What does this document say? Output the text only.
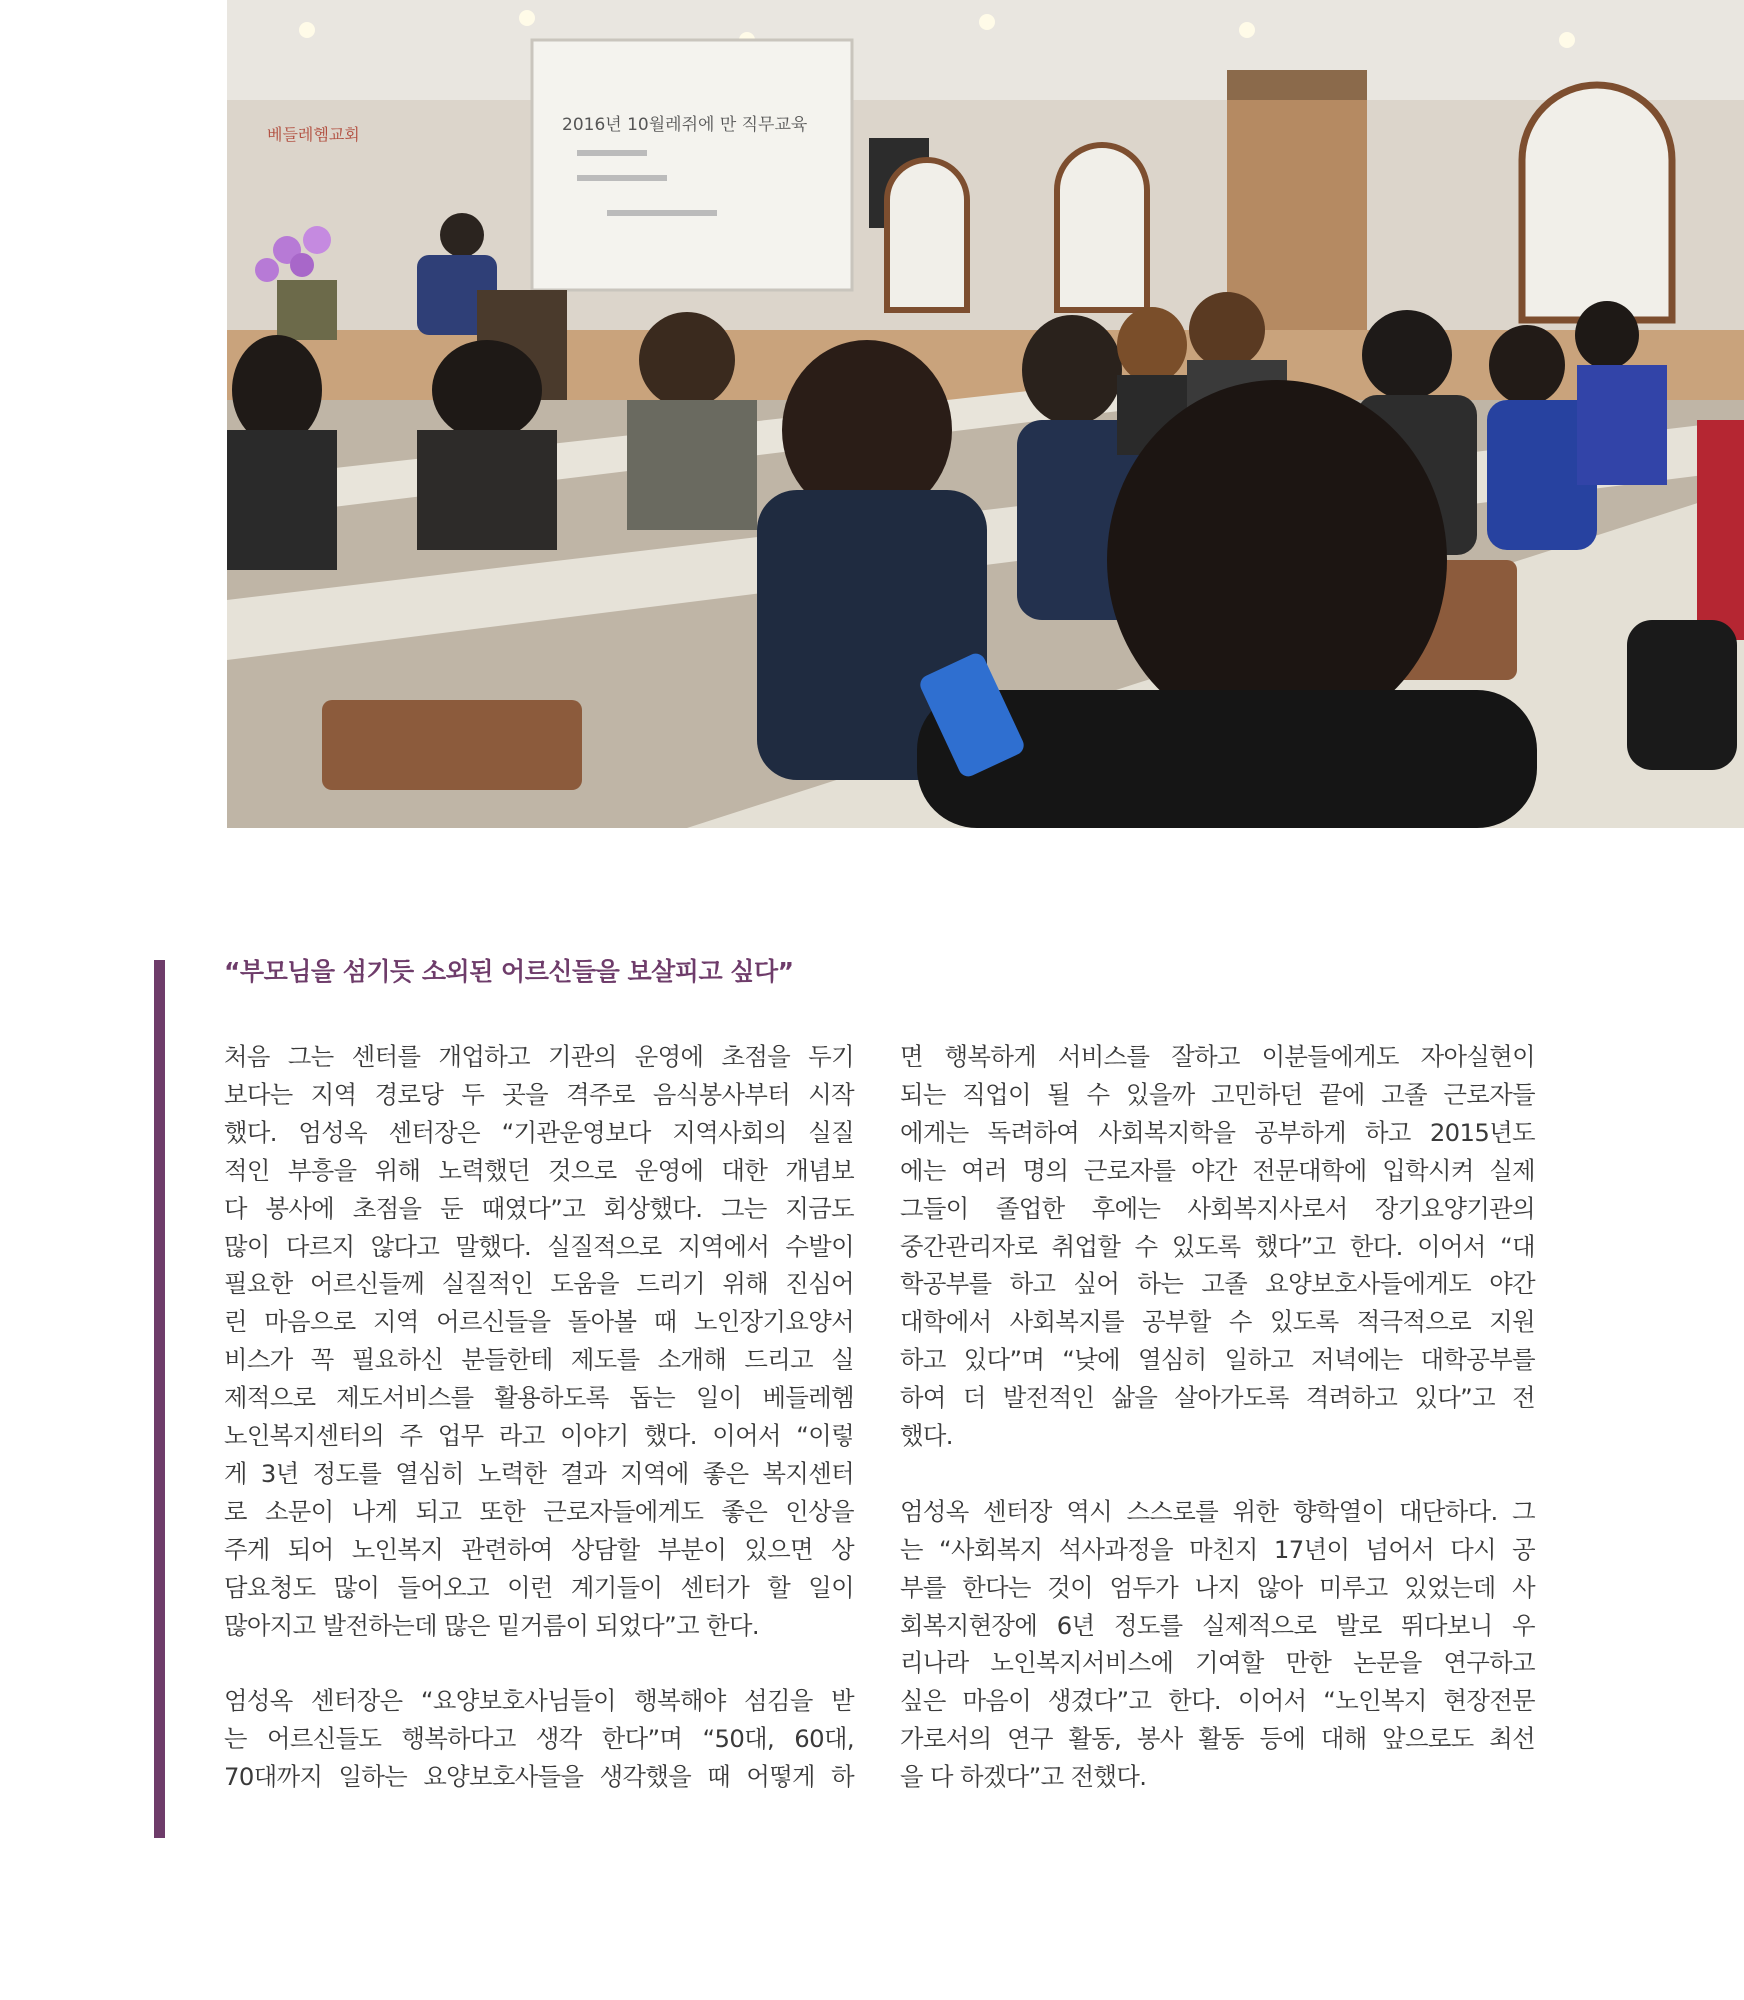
2016년 10월레쥐에 만 직무교육
베들레헴교회
“부모님을 섬기듯 소외된 어르신들을 보살피고 싶다”

처음 그는 센터를 개업하고 기관의 운영에 초점을 두기
보다는 지역 경로당 두 곳을 격주로 음식봉사부터 시작
했다. 엄성옥 센터장은 “기관운영보다 지역사회의 실질
적인 부흥을 위해 노력했던 것으로 운영에 대한 개념보
다 봉사에 초점을 둔 때였다”고 회상했다. 그는 지금도
많이 다르지 않다고 말했다. 실질적으로 지역에서 수발이
필요한 어르신들께 실질적인 도움을 드리기 위해 진심어
린 마음으로 지역 어르신들을 돌아볼 때 노인장기요양서
비스가 꼭 필요하신 분들한테 제도를 소개해 드리고 실
제적으로 제도서비스를 활용하도록 돕는 일이 베들레헴
노인복지센터의 주 업무 라고 이야기 했다. 이어서 “이렇
게 3년 정도를 열심히 노력한 결과 지역에 좋은 복지센터
로 소문이 나게 되고 또한 근로자들에게도 좋은 인상을
주게 되어 노인복지 관련하여 상담할 부분이 있으면 상
담요청도 많이 들어오고 이런 계기들이 센터가 할 일이
많아지고 발전하는데 많은 밑거름이 되었다”고 한다.

엄성옥 센터장은 “요양보호사님들이 행복해야 섬김을 받
는 어르신들도 행복하다고 생각 한다”며 “50대, 60대,
70대까지 일하는 요양보호사들을 생각했을 때 어떻게 하

면 행복하게 서비스를 잘하고 이분들에게도 자아실현이
되는 직업이 될 수 있을까 고민하던 끝에 고졸 근로자들
에게는 독려하여 사회복지학을 공부하게 하고 2015년도
에는 여러 명의 근로자를 야간 전문대학에 입학시켜 실제
그들이 졸업한 후에는 사회복지사로서 장기요양기관의
중간관리자로 취업할 수 있도록 했다”고 한다. 이어서 “대
학공부를 하고 싶어 하는 고졸 요양보호사들에게도 야간
대학에서 사회복지를 공부할 수 있도록 적극적으로 지원
하고 있다”며 “낮에 열심히 일하고 저녁에는 대학공부를
하여 더 발전적인 삶을 살아가도록 격려하고 있다”고 전
했다.

엄성옥 센터장 역시 스스로를 위한 향학열이 대단하다. 그
는 “사회복지 석사과정을 마친지 17년이 넘어서 다시 공
부를 한다는 것이 엄두가 나지 않아 미루고 있었는데 사
회복지현장에 6년 정도를 실제적으로 발로 뛰다보니 우
리나라 노인복지서비스에 기여할 만한 논문을 연구하고
싶은 마음이 생겼다”고 한다. 이어서 “노인복지 현장전문
가로서의 연구 활동, 봉사 활동 등에 대해 앞으로도 최선
을 다 하겠다”고 전했다.
